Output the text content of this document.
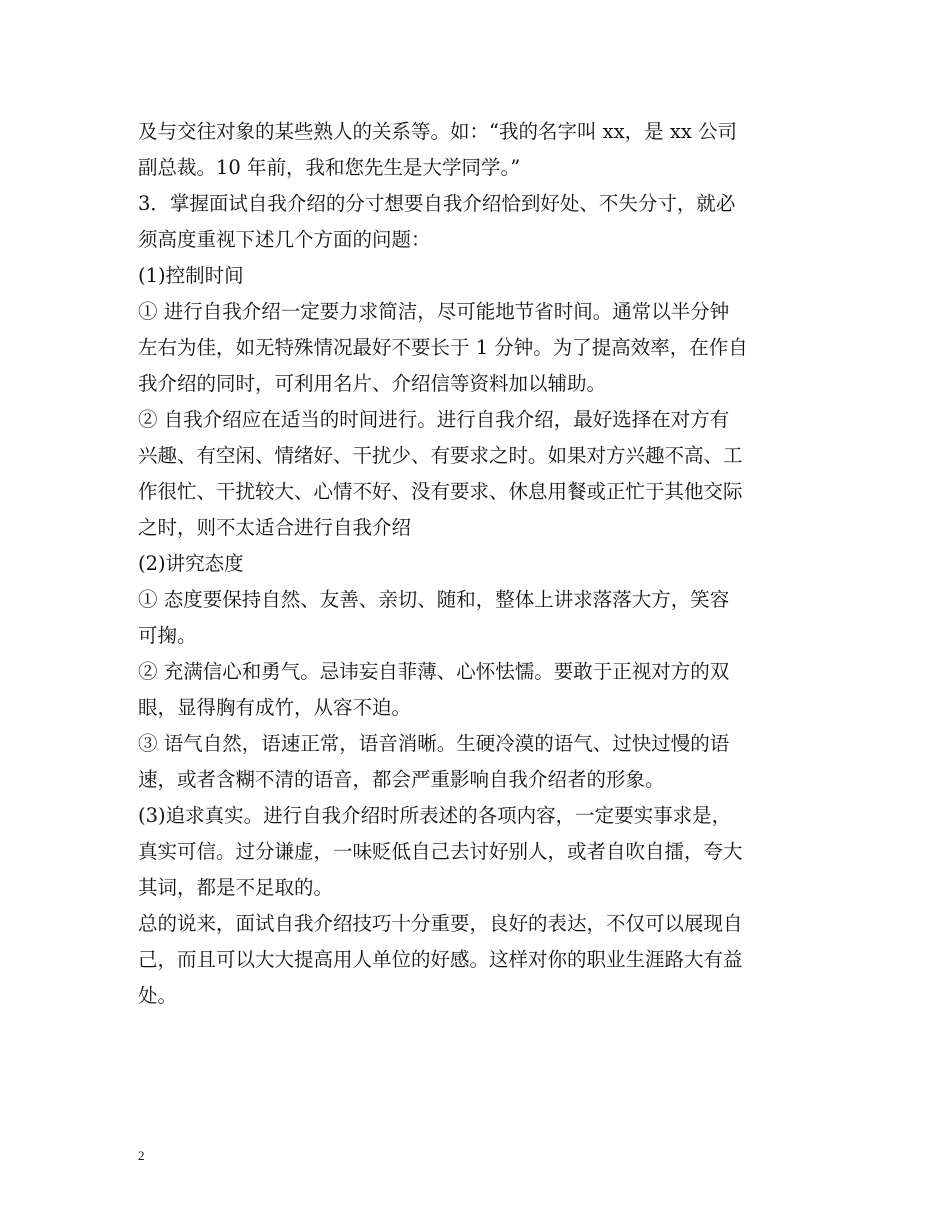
及与交往对象的某些熟人的关系等。如：“我的名字叫 xx，是 xx 公司
副总裁。10 年前，我和您先生是大学同学。”
3．掌握面试自我介绍的分寸想要自我介绍恰到好处、不失分寸，就必
须高度重视下述几个方面的问题：
(1)控制时间
① 进行自我介绍一定要力求简洁，尽可能地节省时间。通常以半分钟
左右为佳，如无特殊情况最好不要长于 1 分钟。为了提高效率，在作自
我介绍的同时，可利用名片、介绍信等资料加以辅助。
② 自我介绍应在适当的时间进行。进行自我介绍，最好选择在对方有
兴趣、有空闲、情绪好、干扰少、有要求之时。如果对方兴趣不高、工
作很忙、干扰较大、心情不好、没有要求、休息用餐或正忙于其他交际
之时，则不太适合进行自我介绍
(2)讲究态度
① 态度要保持自然、友善、亲切、随和，整体上讲求落落大方，笑容
可掬。
② 充满信心和勇气。忌讳妄自菲薄、心怀怯懦。要敢于正视对方的双
眼，显得胸有成竹，从容不迫。
③ 语气自然，语速正常，语音消晰。生硬冷漠的语气、过快过慢的语
速，或者含糊不清的语音，都会严重影响自我介绍者的形象。
(3)追求真实。进行自我介绍时所表述的各项内容，一定要实事求是，
真实可信。过分谦虚，一味贬低自己去讨好别人，或者自吹自擂，夸大
其词，都是不足取的。
总的说来，面试自我介绍技巧十分重要，良好的表达，不仅可以展现自
己，而且可以大大提高用人单位的好感。这样对你的职业生涯路大有益
处。
2
